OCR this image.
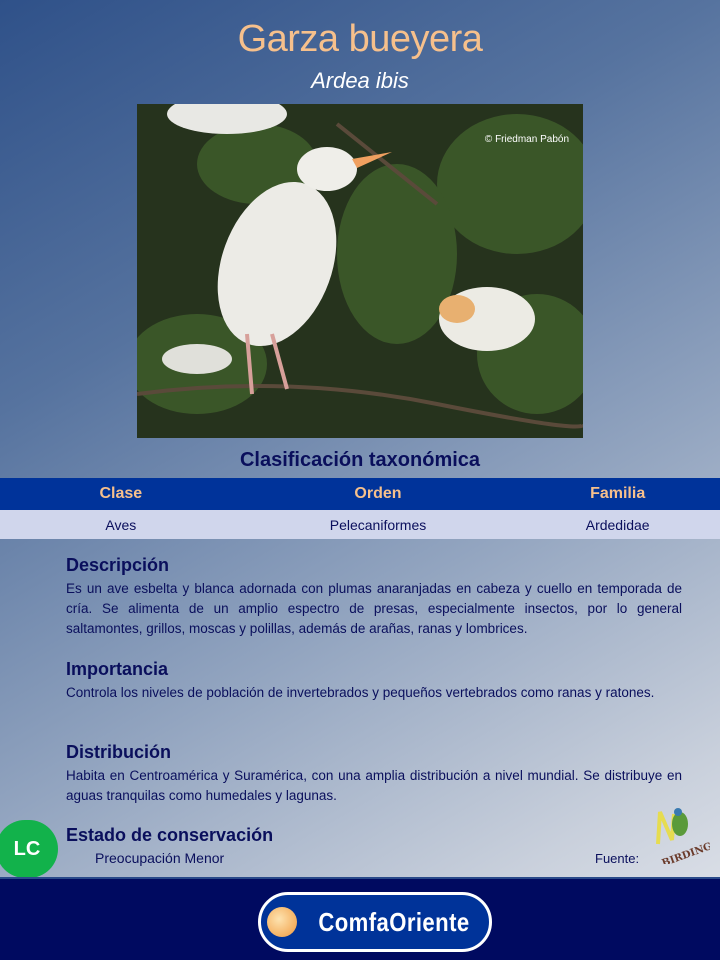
Garza bueyera
Ardea ibis
© Friedman Pabón
Clasificación taxonómica
Clase	Orden	Familia
Aves	Pelecaniformes	Ardedidae
Descripción

Es un ave esbelta y blanca adornada con plumas anaranjadas en cabeza y cuello en temporada de cría. Se alimenta de un amplio espectro de presas, especialmente insectos, por lo general saltamontes, grillos, moscas y polillas, además de arañas, ranas y lombrices.

Importancia

Controla los niveles de población de invertebrados y pequeños vertebrados como ranas y ratones.

Distribución

Habita en Centroamérica y Suramérica, con una amplia distribución a nivel mundial. Se distribuye en aguas tranquilas como humedales y lagunas.

Estado de conservación
LC	Preocupación Menor	Fuente: BIRDING
ComfaOriente
